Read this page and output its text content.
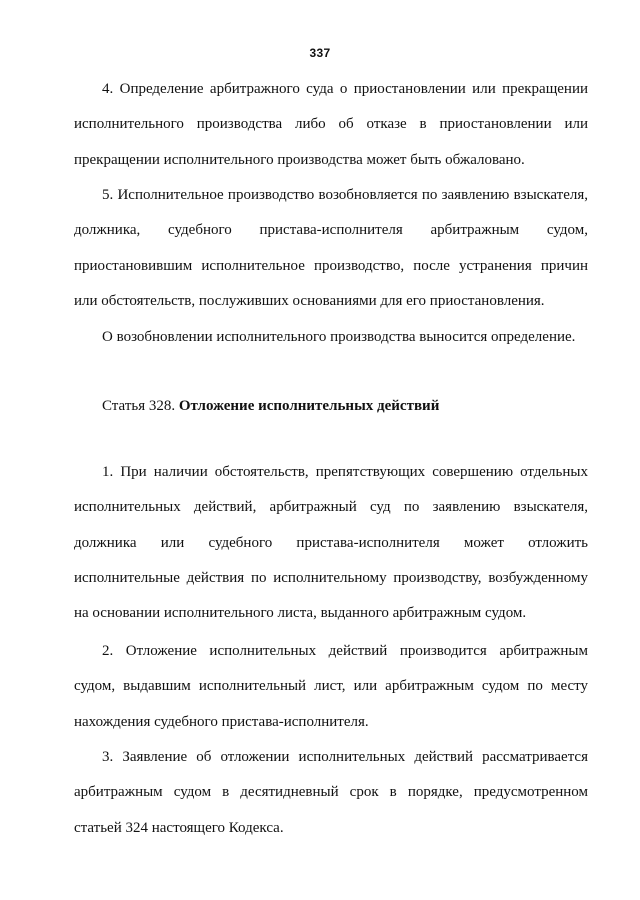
337

4. Определение арбитражного суда о приостановлении или прекращении исполнительного производства либо об отказе в приостановлении или прекращении исполнительного производства может быть обжаловано.

5. Исполнительное производство возобновляется по заявлению взыскателя, должника, судебного пристава-исполнителя арбитражным судом, приостановившим исполнительное производство, после устранения причин или обстоятельств, послуживших основаниями для его приостановления.

О возобновлении исполнительного производства выносится определение.

Статья 328. Отложение исполнительных действий

1. При наличии обстоятельств, препятствующих совершению отдельных исполнительных действий, арбитражный суд по заявлению взыскателя, должника или судебного пристава-исполнителя может отложить исполнительные действия по исполнительному производству, возбужденному на основании исполнительного листа, выданного арбитражным судом.

2. Отложение исполнительных действий производится арбитражным судом, выдавшим исполнительный лист, или арбитражным судом по месту нахождения судебного пристава-исполнителя.

3. Заявление об отложении исполнительных действий рассматривается арбитражным судом в десятидневный срок в порядке, предусмотренном статьей 324 настоящего Кодекса.
